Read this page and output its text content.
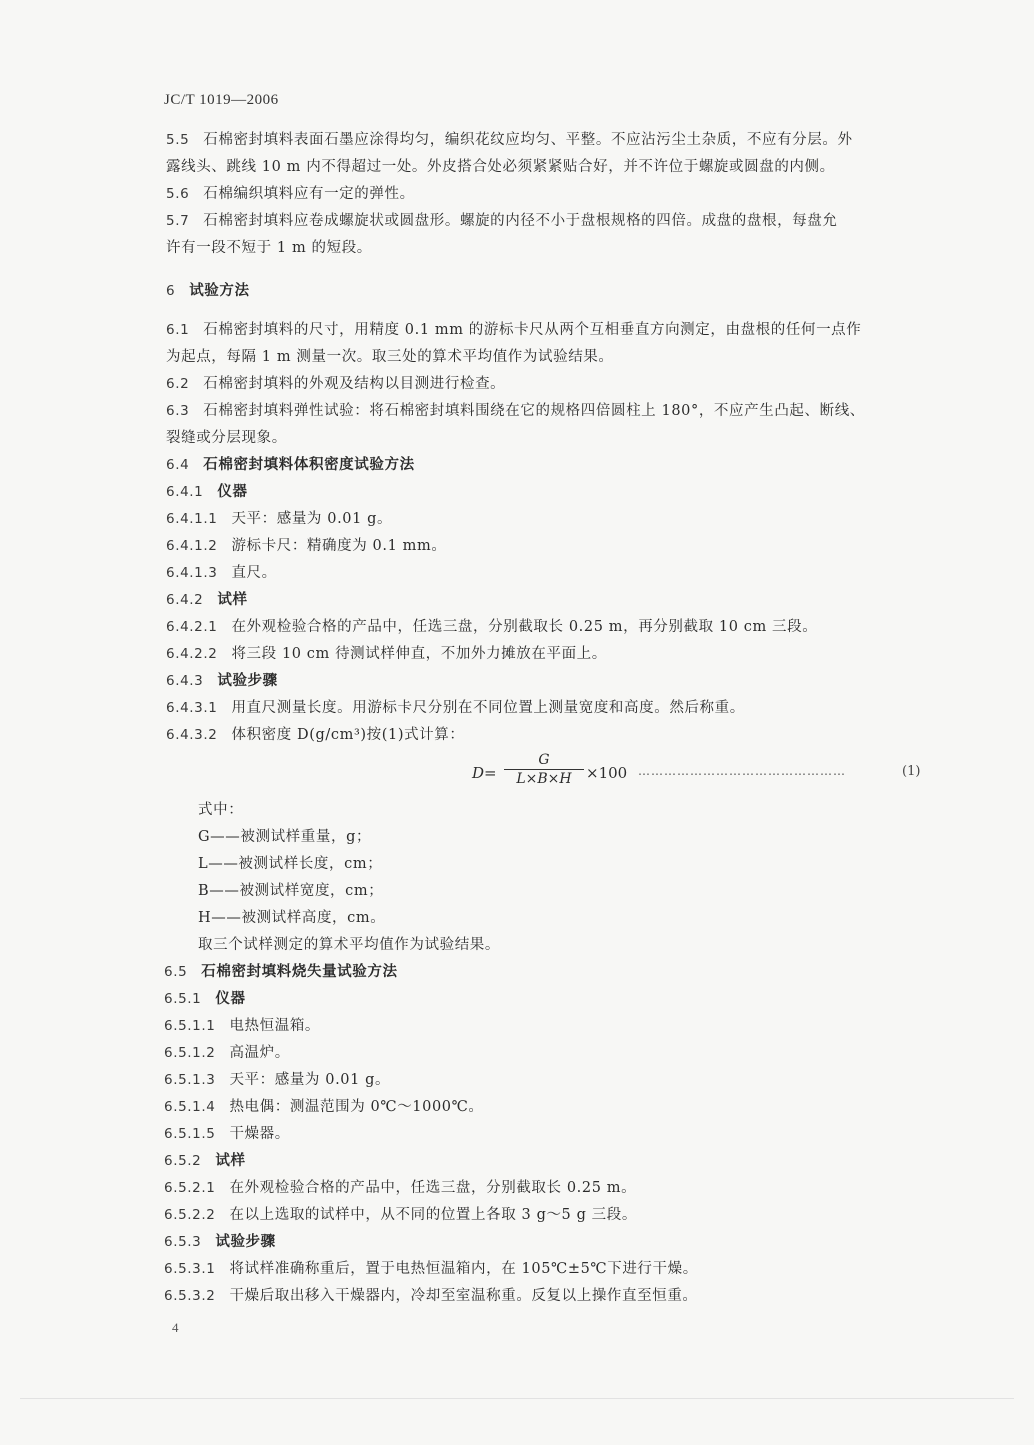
JC/T 1019—2006
5.5 石棉密封填料表面石墨应涂得均匀，编织花纹应均匀、平整。不应沾污尘土杂质，不应有分层。外
露线头、跳线 10 m 内不得超过一处。外皮搭合处必须紧紧贴合好，并不许位于螺旋或圆盘的内侧。
5.6 石棉编织填料应有一定的弹性。
5.7 石棉密封填料应卷成螺旋状或圆盘形。螺旋的内径不小于盘根规格的四倍。成盘的盘根，每盘允
许有一段不短于 1 m 的短段。
6 试验方法
6.1 石棉密封填料的尺寸，用精度 0.1 mm 的游标卡尺从两个互相垂直方向测定，由盘根的任何一点作
为起点，每隔 1 m 测量一次。取三处的算术平均值作为试验结果。
6.2 石棉密封填料的外观及结构以目测进行检查。
6.3 石棉密封填料弹性试验：将石棉密封填料围绕在它的规格四倍圆柱上 180°，不应产生凸起、断线、
裂缝或分层现象。
6.4 石棉密封填料体积密度试验方法
6.4.1 仪器
6.4.1.1 天平：感量为 0.01 g。
6.4.1.2 游标卡尺：精确度为 0.1 mm。
6.4.1.3 直尺。
6.4.2 试样
6.4.2.1 在外观检验合格的产品中，任选三盘，分别截取长 0.25 m，再分别截取 10 cm 三段。
6.4.2.2 将三段 10 cm 待测试样伸直，不加外力摊放在平面上。
6.4.3 试验步骤
6.4.3.1 用直尺测量长度。用游标卡尺分别在不同位置上测量宽度和高度。然后称重。
6.4.3.2 体积密度 D(g/cm³)按(1)式计算：
D=
G
L×B×H ×100 …………………………………………	(1)
式中：
G——被测试样重量，g；
L——被测试样长度，cm；
B——被测试样宽度，cm；
H——被测试样高度，cm。
取三个试样测定的算术平均值作为试验结果。
6.5 石棉密封填料烧失量试验方法
6.5.1 仪器
6.5.1.1 电热恒温箱。
6.5.1.2 高温炉。
6.5.1.3 天平：感量为 0.01 g。
6.5.1.4 热电偶：测温范围为 0℃～1000℃。
6.5.1.5 干燥器。
6.5.2 试样
6.5.2.1 在外观检验合格的产品中，任选三盘，分别截取长 0.25 m。
6.5.2.2 在以上选取的试样中，从不同的位置上各取 3 g～5 g 三段。
6.5.3 试验步骤
6.5.3.1 将试样准确称重后，置于电热恒温箱内，在 105℃±5℃下进行干燥。
6.5.3.2 干燥后取出移入干燥器内，冷却至室温称重。反复以上操作直至恒重。
4
